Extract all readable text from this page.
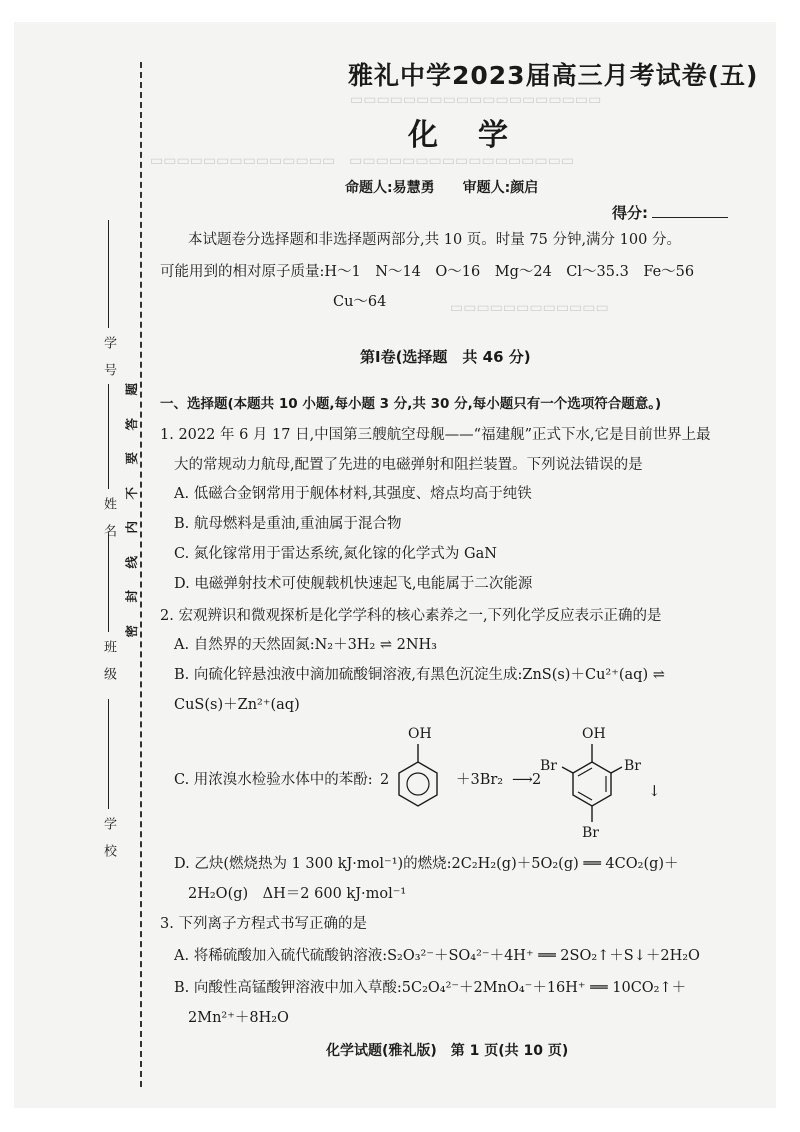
▭▭▭▭▭▭▭▭▭▭▭▭▭▭▭▭▭▭▭
▭▭▭▭▭▭▭▭▭▭▭▭▭▭　▭▭▭▭▭▭▭▭▭▭▭▭▭▭▭▭▭
▭▭▭▭▭▭▭▭▭▭▭▭
学号
姓名
班级
学校
题
答
要
不
内
线
封
密
雅礼中学2023届高三月考试卷(五)
化学
命题人:易慧勇　　审题人:颜启
得分:
本试题卷分选择题和非选择题两部分,共 10 页。时量 75 分钟,满分 100 分。
可能用到的相对原子质量:H～1　N～14　O～16　Mg～24　Cl～35.3　Fe～56
Cu～64
第Ⅰ卷(选择题　共 46 分)
一、选择题(本题共 10 小题,每小题 3 分,共 30 分,每小题只有一个选项符合题意。)
1. 2022 年 6 月 17 日,中国第三艘航空母舰——“福建舰”正式下水,它是目前世界上最
大的常规动力航母,配置了先进的电磁弹射和阻拦装置。下列说法错误的是
A. 低磁合金钢常用于舰体材料,其强度、熔点均高于纯铁
B. 航母燃料是重油,重油属于混合物
C. 氮化镓常用于雷达系统,氮化镓的化学式为 GaN
D. 电磁弹射技术可使舰载机快速起飞,电能属于二次能源
2. 宏观辨识和微观探析是化学学科的核心素养之一,下列化学反应表示正确的是
A. 自然界的天然固氮:N₂＋3H₂ ⇌ 2NH₃
B. 向硫化锌悬浊液中滴加硫酸铜溶液,有黑色沉淀生成:ZnS(s)＋Cu²⁺(aq) ⇌
CuS(s)＋Zn²⁺(aq)
C. 用浓溴水检验水体中的苯酚: 2
OH
＋3Br₂ ⟶ 2
OH
Br	Br
Br
↓
D. 乙炔(燃烧热为 1 300 kJ·mol⁻¹)的燃烧:2C₂H₂(g)＋5O₂(g) ══ 4CO₂(g)＋
2H₂O(g)　ΔH＝2 600 kJ·mol⁻¹
3. 下列离子方程式书写正确的是
A. 将稀硫酸加入硫代硫酸钠溶液:S₂O₃²⁻＋SO₄²⁻＋4H⁺ ══ 2SO₂↑＋S↓＋2H₂O
B. 向酸性高锰酸钾溶液中加入草酸:5C₂O₄²⁻＋2MnO₄⁻＋16H⁺ ══ 10CO₂↑＋
2Mn²⁺＋8H₂O
化学试题(雅礼版)　第 1 页(共 10 页)
